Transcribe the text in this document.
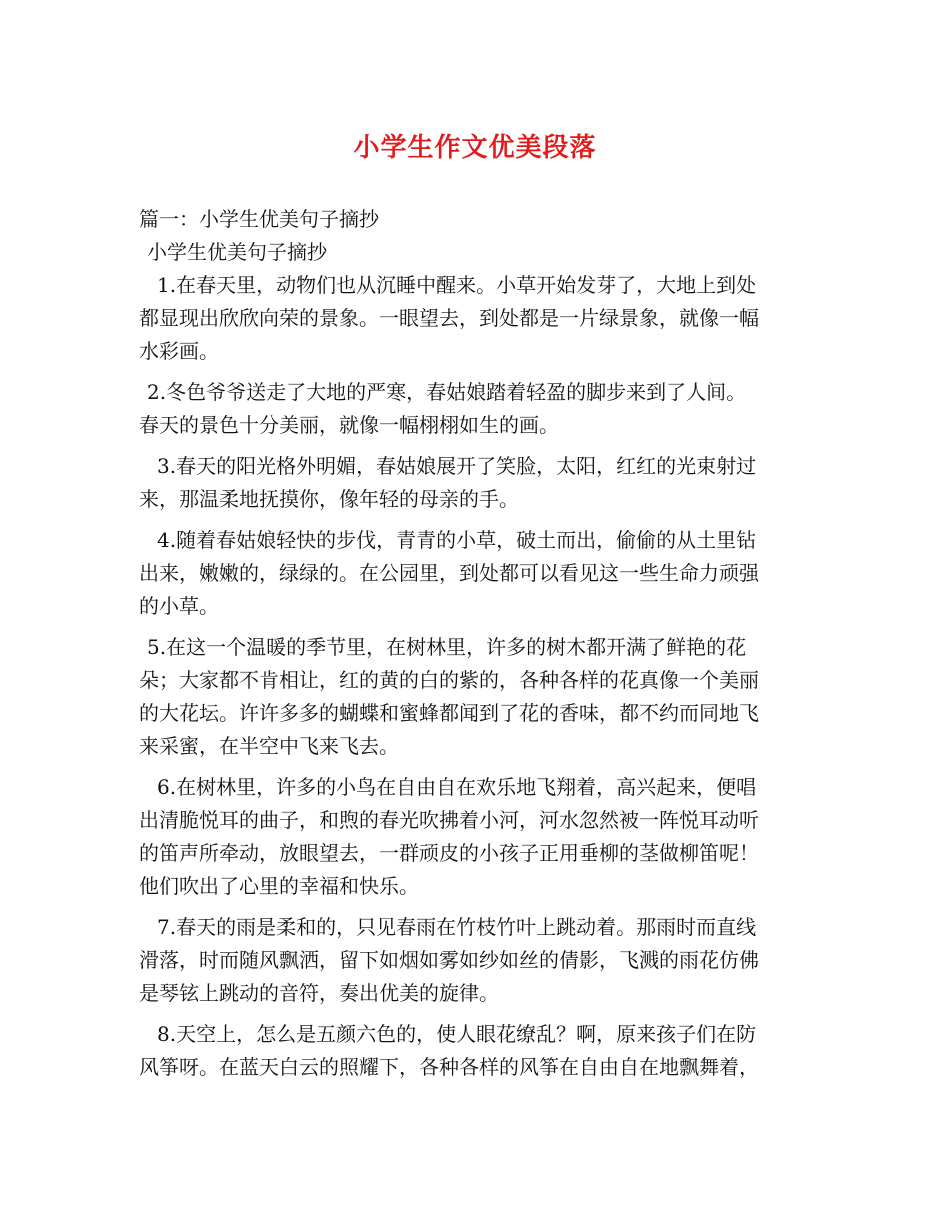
小学生作文优美段落
篇一：小学生优美句子摘抄
小学生优美句子摘抄
1.在春天里，动物们也从沉睡中醒来。小草开始发芽了，大地上到处
都显现出欣欣向荣的景象。一眼望去，到处都是一片绿景象，就像一幅
水彩画。
2.冬色爷爷送走了大地的严寒，春姑娘踏着轻盈的脚步来到了人间。
春天的景色十分美丽，就像一幅栩栩如生的画。
3.春天的阳光格外明媚，春姑娘展开了笑脸，太阳，红红的光束射过
来，那温柔地抚摸你，像年轻的母亲的手。
4.随着春姑娘轻快的步伐，青青的小草，破土而出，偷偷的从土里钻
出来，嫩嫩的，绿绿的。在公园里，到处都可以看见这一些生命力顽强
的小草。
5.在这一个温暖的季节里，在树林里，许多的树木都开满了鲜艳的花
朵；大家都不肯相让，红的黄的白的紫的，各种各样的花真像一个美丽
的大花坛。许许多多的蝴蝶和蜜蜂都闻到了花的香味，都不约而同地飞
来采蜜，在半空中飞来飞去。
6.在树林里，许多的小鸟在自由自在欢乐地飞翔着，高兴起来，便唱
出清脆悦耳的曲子，和煦的春光吹拂着小河，河水忽然被一阵悦耳动听
的笛声所牵动，放眼望去，一群顽皮的小孩子正用垂柳的茎做柳笛呢！
他们吹出了心里的幸福和快乐。
7.春天的雨是柔和的，只见春雨在竹枝竹叶上跳动着。那雨时而直线
滑落，时而随风飘洒，留下如烟如雾如纱如丝的倩影，飞溅的雨花仿佛
是琴铉上跳动的音符，奏出优美的旋律。
8.天空上，怎么是五颜六色的，使人眼花缭乱？啊，原来孩子们在防
风筝呀。在蓝天白云的照耀下，各种各样的风筝在自由自在地飘舞着，
